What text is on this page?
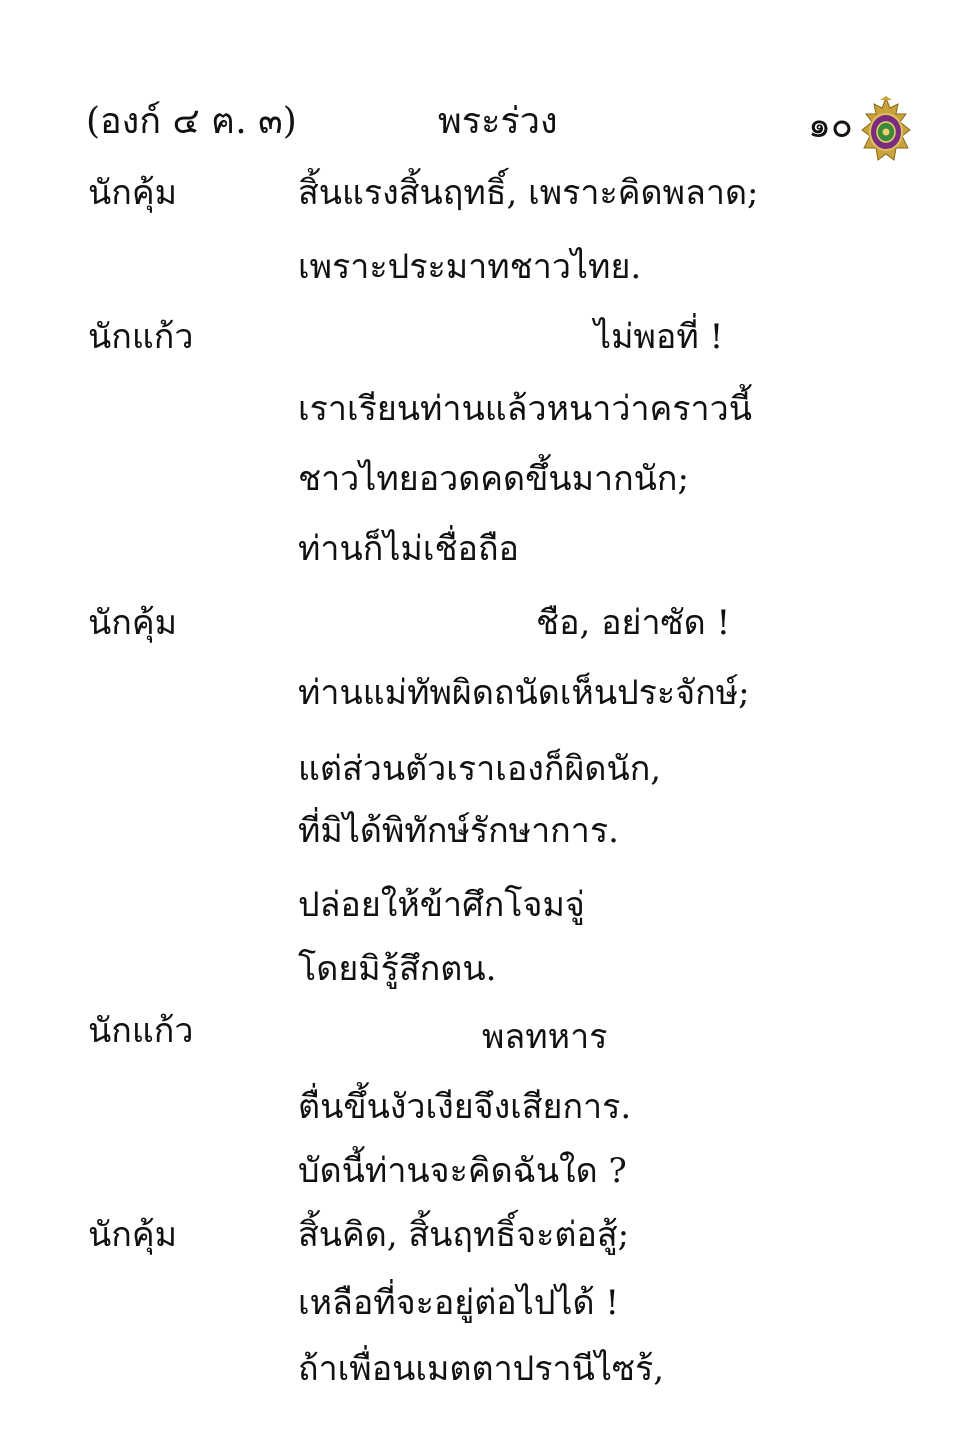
(องก์ ๔ ฅ. ๓)	พระร่วง	๑๐
นักคุ้ม	สิ้นแรงสิ้นฤทธิ์, เพราะคิดพลาด;
เพราะประมาทชาวไทย.
นักแก้ว	ไม่พอที่ !
เราเรียนท่านแล้วหนาว่าคราวนี้
ชาวไทยอวดคดขึ้นมากนัก;
ท่านก็ไม่เชื่อถือ
นักคุ้ม	ชือ, อย่าซัด !
ท่านแม่ทัพผิดถนัดเห็นประจักษ์;
แต่ส่วนตัวเราเองก็ผิดนัก,
ที่มิได้พิทักษ์รักษาการ.
ปล่อยให้ข้าศึกโจมจู่
โดยมิรู้สึกตน.
นักแก้ว	พลทหาร
ตื่นขึ้นงัวเงียจึงเสียการ.
บัดนี้ท่านจะคิดฉันใด ?
นักคุ้ม	สิ้นคิด, สิ้นฤทธิ์จะต่อสู้;
เหลือที่จะอยู่ต่อไปได้ !
ถ้าเพื่อนเมตตาปรานีไซร้,
